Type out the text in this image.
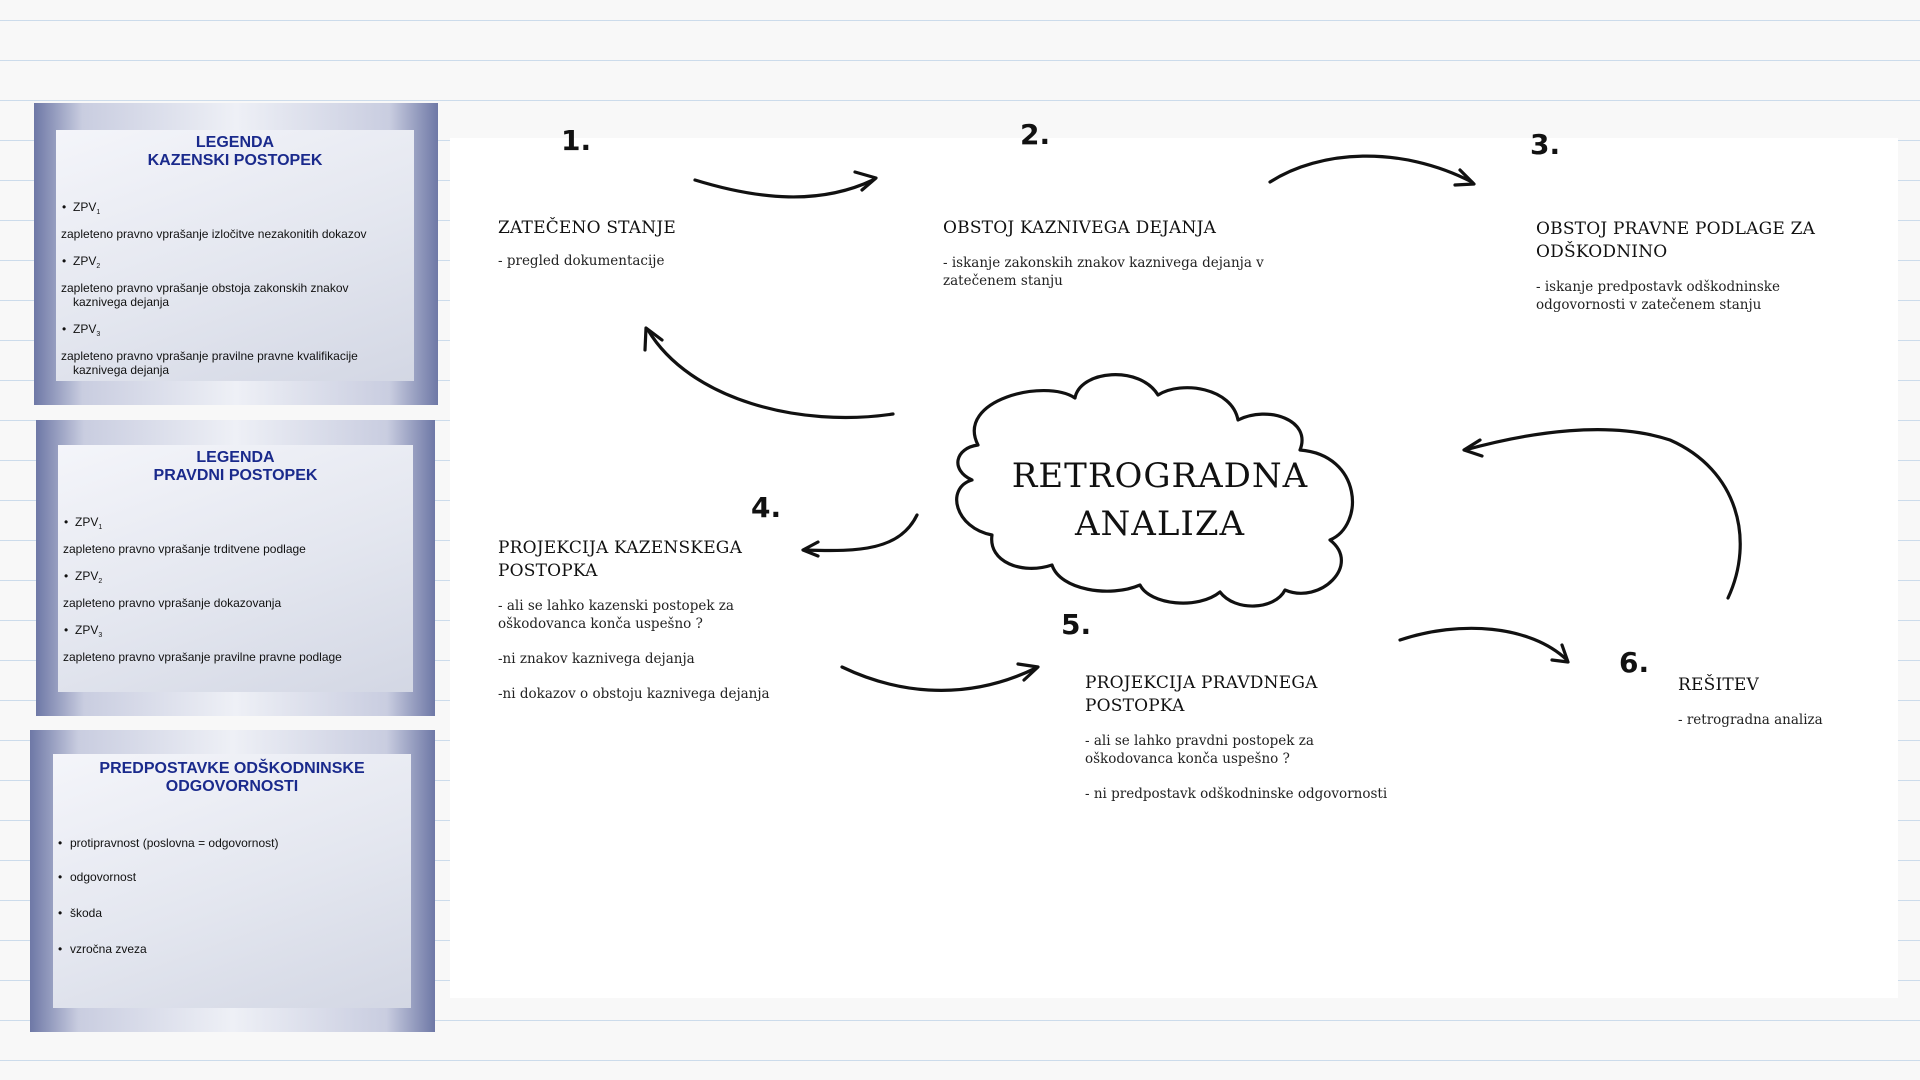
LEGENDA
KAZENSKI POSTOPEK
• $ZPV_1$
zapleteno pravno vprašanje izločitve nezakonitih dokazov
• $ZPV_2$
zapleteno pravno vprašanje obstoja zakonskih znakov
kaznivega dejanja
• $ZPV_3$
zapleteno pravno vprašanje pravilne pravne kvalifikacije
kaznivega dejanja
LEGENDA
PRAVDNI POSTOPEK
• $ZPV_1$
zapleteno pravno vprašanje trditvene podlage
• $ZPV_2$
zapleteno pravno vprašanje dokazovanja
• $ZPV_3$
zapleteno pravno vprašanje pravilne pravne podlage
PREDPOSTAVKE ODŠKODNINSKE
ODGOVORNOSTI
• protipravnost (poslovna = odgovornost)
• odgovornost
• škoda
• vzročna zveza
RETROGRADNA
ANALIZA
1.	2.	3.
4.
5.
6.
ZATEČENO STANJE
- pregled dokumentacije
OBSTOJ KAZNIVEGA DEJANJA
- iskanje zakonskih znakov kaznivega dejanja v
zatečenem stanju
OBSTOJ PRAVNE PODLAGE ZA
ODŠKODNINO
- iskanje predpostavk odškodninske
odgovornosti v zatečenem stanju
PROJEKCIJA KAZENSKEGA
POSTOPKA
- ali se lahko kazenski postopek za
oškodovanca konča uspešno ?
-ni znakov kaznivega dejanja
-ni dokazov o obstoju kaznivega dejanja
PROJEKCIJA PRAVDNEGA
POSTOPKA
- ali se lahko pravdni postopek za
oškodovanca konča uspešno ?
- ni predpostavk odškodninske odgovornosti
REŠITEV
- retrogradna analiza
